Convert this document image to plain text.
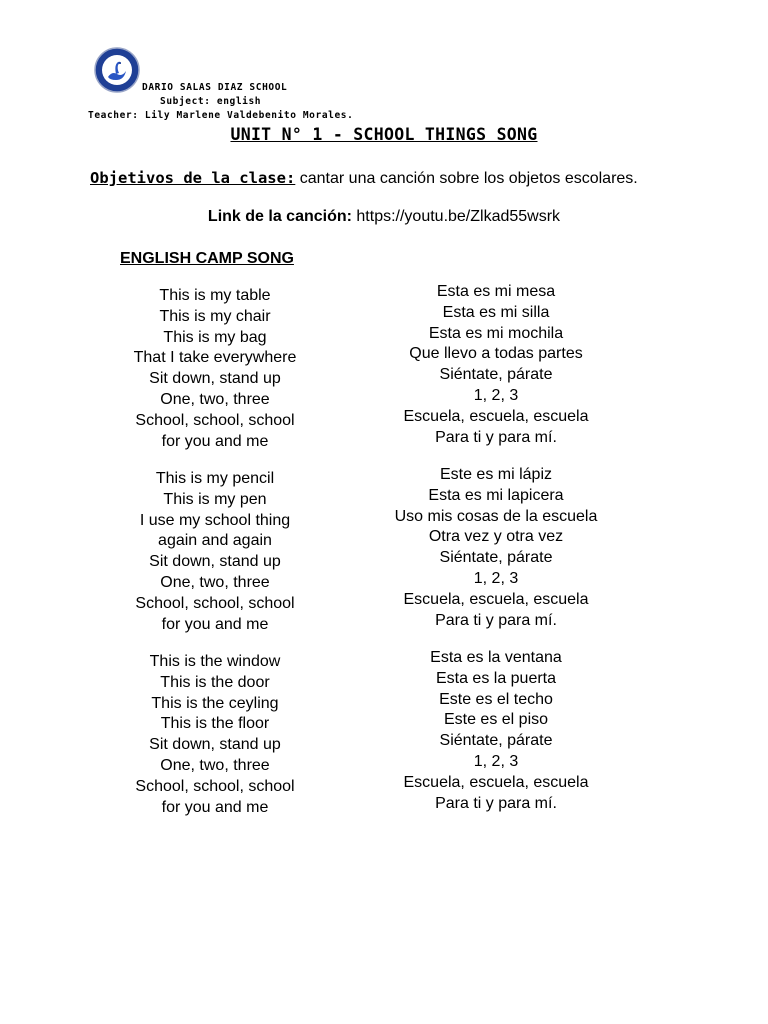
DARIO SALAS DIAZ SCHOOL
Subject: english
Teacher: Lily Marlene Valdebenito Morales.
UNIT N° 1 - SCHOOL THINGS SONG
Objetivos de la clase: cantar una canción sobre los objetos escolares.
Link de la canción: https://youtu.be/Zlkad55wsrk
ENGLISH CAMP SONG
This is my table
This is my chair
This is my bag
That I take everywhere
Sit down, stand up
One, two, three
School, school, school
for you and me
This is my pencil
This is my pen
I use my school thing
again and again
Sit down, stand up
One, two, three
School, school, school
for you and me
This is the window
This is the door
This is the ceyling
This is the floor
Sit down, stand up
One, two, three
School, school, school
for you and me
Esta es mi mesa
Esta es mi silla
Esta es mi mochila
Que llevo a todas partes
Siéntate, párate
1, 2, 3
Escuela, escuela, escuela
Para ti y para mí.
Este es mi lápiz
Esta es mi lapicera
Uso mis cosas de la escuela
Otra vez y otra vez
Siéntate, párate
1, 2, 3
Escuela, escuela, escuela
Para ti y para mí.
Esta es la ventana
Esta es la puerta
Este es el techo
Este es el piso
Siéntate, párate
1, 2, 3
Escuela, escuela, escuela
Para ti y para mí.
